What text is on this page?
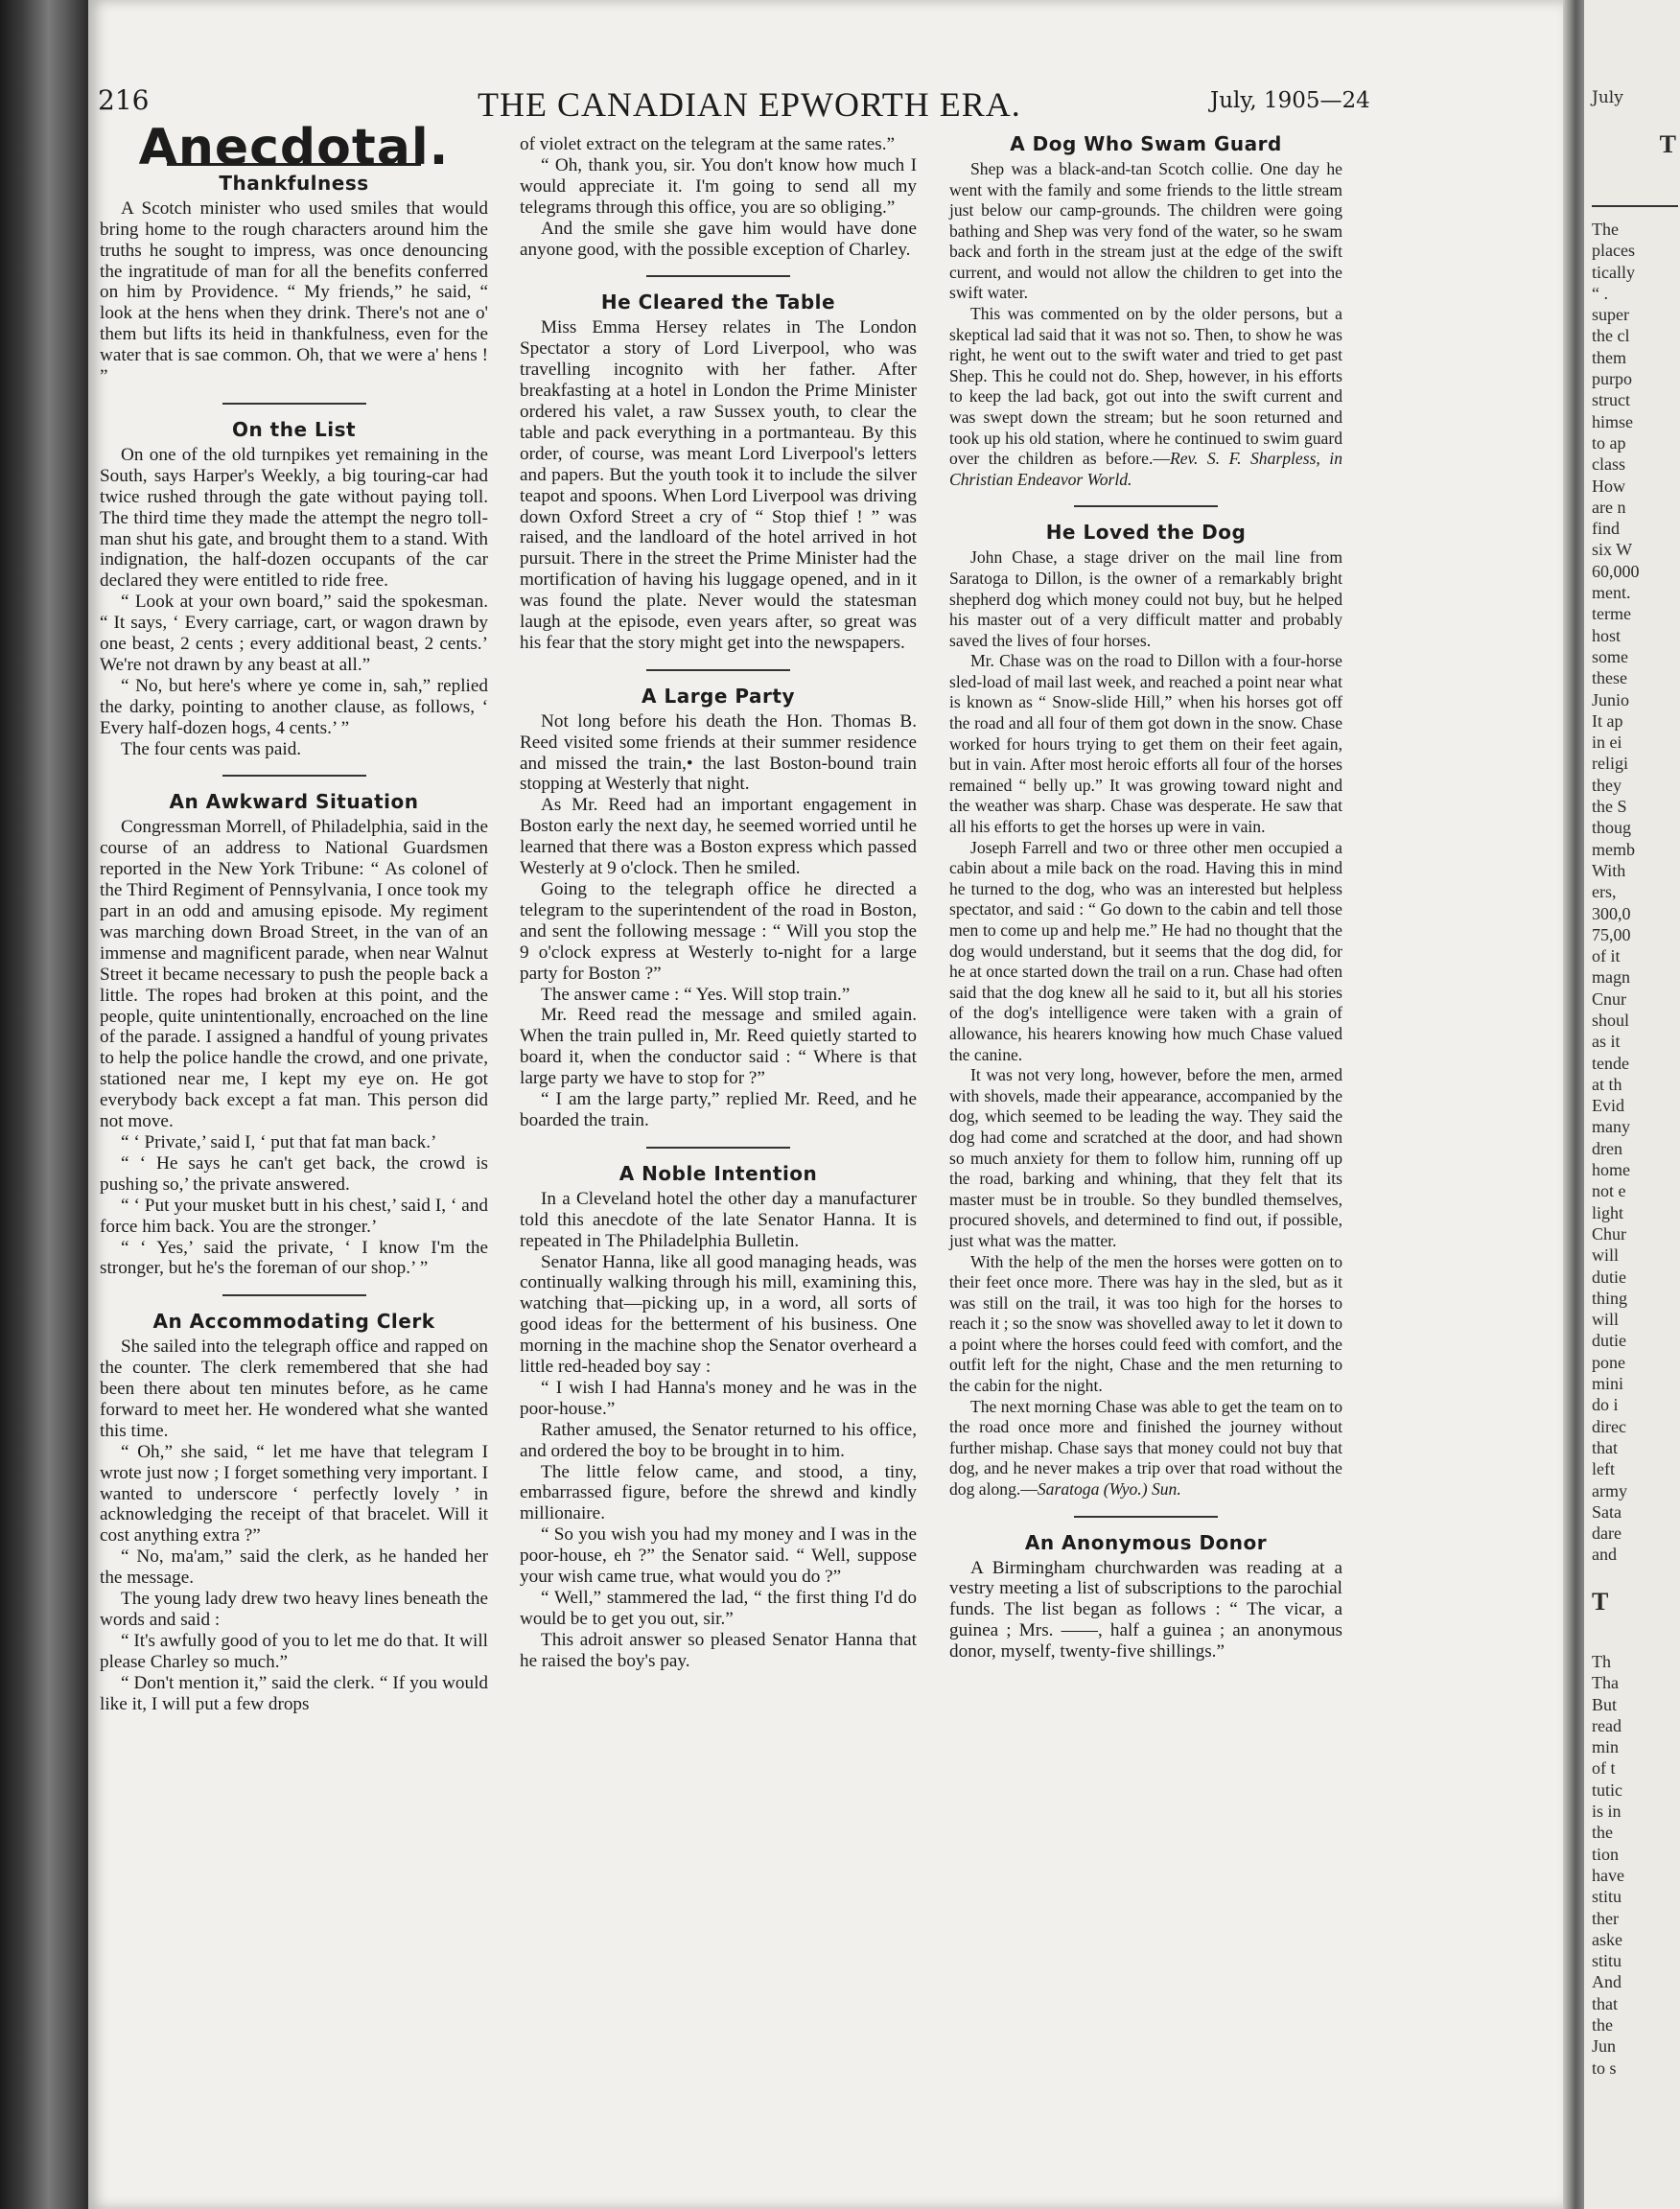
216	THE CANADIAN EPWORTH ERA.	July, 1905—24
Anecdotal.
Thankfulness

A Scotch minister who used smiles that would bring home to the rough characters around him the truths he sought to impress, was once denouncing the ingratitude of man for all the benefits conferred on him by Providence. “ My friends,” he said, “ look at the hens when they drink. There's not ane o' them but lifts its heid in thankfulness, even for the water that is sae common. Oh, that we were a' hens ! ”

On the List

On one of the old turnpikes yet remaining in the South, says Harper's Weekly, a big touring-car had twice rushed through the gate without paying toll. The third time they made the attempt the negro toll-man shut his gate, and brought them to a stand. With indignation, the half-dozen occupants of the car declared they were entitled to ride free.

“ Look at your own board,” said the spokesman. “ It says, ‘ Every carriage, cart, or wagon drawn by one beast, 2 cents ; every additional beast, 2 cents.’ We're not drawn by any beast at all.”

“ No, but here's where ye come in, sah,” replied the darky, pointing to another clause, as follows, ‘ Every half-dozen hogs, 4 cents.’ ”

The four cents was paid.

An Awkward Situation

Congressman Morrell, of Philadelphia, said in the course of an address to National Guardsmen reported in the New York Tribune: “ As colonel of the Third Regiment of Pennsylvania, I once took my part in an odd and amusing episode. My regiment was marching down Broad Street, in the van of an immense and magnificent parade, when near Walnut Street it became necessary to push the people back a little. The ropes had broken at this point, and the people, quite unintentionally, encroached on the line of the parade. I assigned a handful of young privates to help the police handle the crowd, and one private, stationed near me, I kept my eye on. He got everybody back except a fat man. This person did not move.

“ ‘ Private,’ said I, ‘ put that fat man back.’

“ ‘ He says he can't get back, the crowd is pushing so,’ the private answered.

“ ‘ Put your musket butt in his chest,’ said I, ‘ and force him back. You are the stronger.’

“ ‘ Yes,’ said the private, ‘ I know I'm the stronger, but he's the foreman of our shop.’ ”

An Accommodating Clerk

She sailed into the telegraph office and rapped on the counter. The clerk remembered that she had been there about ten minutes before, as he came forward to meet her. He wondered what she wanted this time.

“ Oh,” she said, “ let me have that telegram I wrote just now ; I forget something very important. I wanted to underscore ‘ perfectly lovely ’ in acknowledging the receipt of that bracelet. Will it cost anything extra ?”

“ No, ma'am,” said the clerk, as he handed her the message.

The young lady drew two heavy lines beneath the words and said :

“ It's awfully good of you to let me do that. It will please Charley so much.”

“ Don't mention it,” said the clerk. “ If you would like it, I will put a few drops

of violet extract on the telegram at the same rates.”

“ Oh, thank you, sir. You don't know how much I would appreciate it. I'm going to send all my telegrams through this office, you are so obliging.”

And the smile she gave him would have done anyone good, with the possible exception of Charley.

He Cleared the Table

Miss Emma Hersey relates in The London Spectator a story of Lord Liverpool, who was travelling incognito with her father. After breakfasting at a hotel in London the Prime Minister ordered his valet, a raw Sussex youth, to clear the table and pack everything in a portmanteau. By this order, of course, was meant Lord Liverpool's letters and papers. But the youth took it to include the silver teapot and spoons. When Lord Liverpool was driving down Oxford Street a cry of “ Stop thief ! ” was raised, and the landloard of the hotel arrived in hot pursuit. There in the street the Prime Minister had the mortification of having his luggage opened, and in it was found the plate. Never would the statesman laugh at the episode, even years after, so great was his fear that the story might get into the newspapers.

A Large Party

Not long before his death the Hon. Thomas B. Reed visited some friends at their summer residence and missed the train,• the last Boston-bound train stopping at Westerly that night.

As Mr. Reed had an important engagement in Boston early the next day, he seemed worried until he learned that there was a Boston express which passed Westerly at 9 o'clock. Then he smiled.

Going to the telegraph office he directed a telegram to the superintendent of the road in Boston, and sent the following message : “ Will you stop the 9 o'clock express at Westerly to-night for a large party for Boston ?”

The answer came : “ Yes. Will stop train.”

Mr. Reed read the message and smiled again. When the train pulled in, Mr. Reed quietly started to board it, when the conductor said : “ Where is that large party we have to stop for ?”

“ I am the large party,” replied Mr. Reed, and he boarded the train.

A Noble Intention

In a Cleveland hotel the other day a manufacturer told this anecdote of the late Senator Hanna. It is repeated in The Philadelphia Bulletin.

Senator Hanna, like all good managing heads, was continually walking through his mill, examining this, watching that—picking up, in a word, all sorts of good ideas for the betterment of his business. One morning in the machine shop the Senator overheard a little red-headed boy say :

“ I wish I had Hanna's money and he was in the poor-house.”

Rather amused, the Senator returned to his office, and ordered the boy to be brought in to him.

The little felow came, and stood, a tiny, embarrassed figure, before the shrewd and kindly millionaire.

“ So you wish you had my money and I was in the poor-house, eh ?” the Senator said. “ Well, suppose your wish came true, what would you do ?”

“ Well,” stammered the lad, “ the first thing I'd do would be to get you out, sir.”

This adroit answer so pleased Senator Hanna that he raised the boy's pay.

A Dog Who Swam Guard

Shep was a black-and-tan Scotch collie. One day he went with the family and some friends to the little stream just below our camp-grounds. The children were going bathing and Shep was very fond of the water, so he swam back and forth in the stream just at the edge of the swift current, and would not allow the children to get into the swift water.

This was commented on by the older persons, but a skeptical lad said that it was not so. Then, to show he was right, he went out to the swift water and tried to get past Shep. This he could not do. Shep, however, in his efforts to keep the lad back, got out into the swift current and was swept down the stream; but he soon returned and took up his old station, where he continued to swim guard over the children as before.—Rev. S. F. Sharpless, in Christian Endeavor World.

He Loved the Dog

John Chase, a stage driver on the mail line from Saratoga to Dillon, is the owner of a remarkably bright shepherd dog which money could not buy, but he helped his master out of a very difficult matter and probably saved the lives of four horses.

Mr. Chase was on the road to Dillon with a four-horse sled-load of mail last week, and reached a point near what is known as “ Snow-slide Hill,” when his horses got off the road and all four of them got down in the snow. Chase worked for hours trying to get them on their feet again, but in vain. After most heroic efforts all four of the horses remained “ belly up.” It was growing toward night and the weather was sharp. Chase was desperate. He saw that all his efforts to get the horses up were in vain.

Joseph Farrell and two or three other men occupied a cabin about a mile back on the road. Having this in mind he turned to the dog, who was an interested but helpless spectator, and said : “ Go down to the cabin and tell those men to come up and help me.” He had no thought that the dog would understand, but it seems that the dog did, for he at once started down the trail on a run. Chase had often said that the dog knew all he said to it, but all his stories of the dog's intelligence were taken with a grain of allowance, his hearers knowing how much Chase valued the canine.

It was not very long, however, before the men, armed with shovels, made their appearance, accompanied by the dog, which seemed to be leading the way. They said the dog had come and scratched at the door, and had shown so much anxiety for them to follow him, running off up the road, barking and whining, that they felt that its master must be in trouble. So they bundled themselves, procured shovels, and determined to find out, if possible, just what was the matter.

With the help of the men the horses were gotten on to their feet once more. There was hay in the sled, but as it was still on the trail, it was too high for the horses to reach it ; so the snow was shovelled away to let it down to a point where the horses could feed with comfort, and the outfit left for the night, Chase and the men returning to the cabin for the night.

The next morning Chase was able to get the team on to the road once more and finished the journey without further mishap. Chase says that money could not buy that dog, and he never makes a trip over that road without the dog along.—Saratoga (Wyo.) Sun.

An Anonymous Donor

A Birmingham churchwarden was reading at a vestry meeting a list of subscriptions to the parochial funds. The list began as follows : “ The vicar, a guinea ; Mrs. ——, half a guinea ; an anonymous donor, myself, twenty-five shillings.”

July
T
The
places
tically
“ .
super
the cl
them
purpo
struct
himse
to ap
class
How
are n
find
six W
60,000
ment.
terme
host
some
these
Junio
It ap
in ei
religi
they
the S
thoug
memb
With
ers,
300,0
75,00
of it
magn
Cnur
shoul
as it
tende
at th
Evid
many
dren
home
not e
light
Chur
will
dutie
thing
will
dutie
pone
mini
do i
direc
that
left
army
Sata
dare
and
T
Th
Tha
But
read
min
of t
tutic
is in
the
tion
have
stitu
ther
aske
stitu
And
that
the
Jun
to s
